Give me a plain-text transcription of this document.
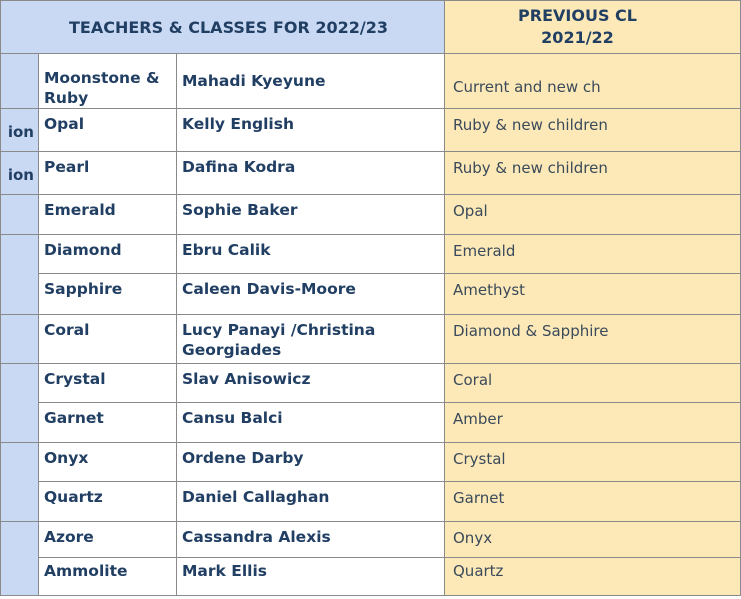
TEACHERS & CLASSES FOR 2022/23			PREVIOUS CL
2021/22

	Moonstone & Ruby	Mahadi Kyeyune	Current and new ch

ion	Opal	Kelly English	Ruby & new children

ion	Pearl	Dafina Kodra	Ruby & new children

	Emerald	Sophie Baker	Opal

	Diamond	Ebru Calik	Emerald
	Sapphire	Caleen Davis-Moore	Amethyst

	Coral	Lucy Panayi /Christina Georgiades	Diamond & Sapphire

	Crystal	Slav Anisowicz	Coral
	Garnet	Cansu Balci	Amber

	Onyx	Ordene Darby	Crystal
	Quartz	Daniel Callaghan	Garnet

	Azore	Cassandra Alexis	Onyx
	Ammolite	Mark Ellis	Quartz
